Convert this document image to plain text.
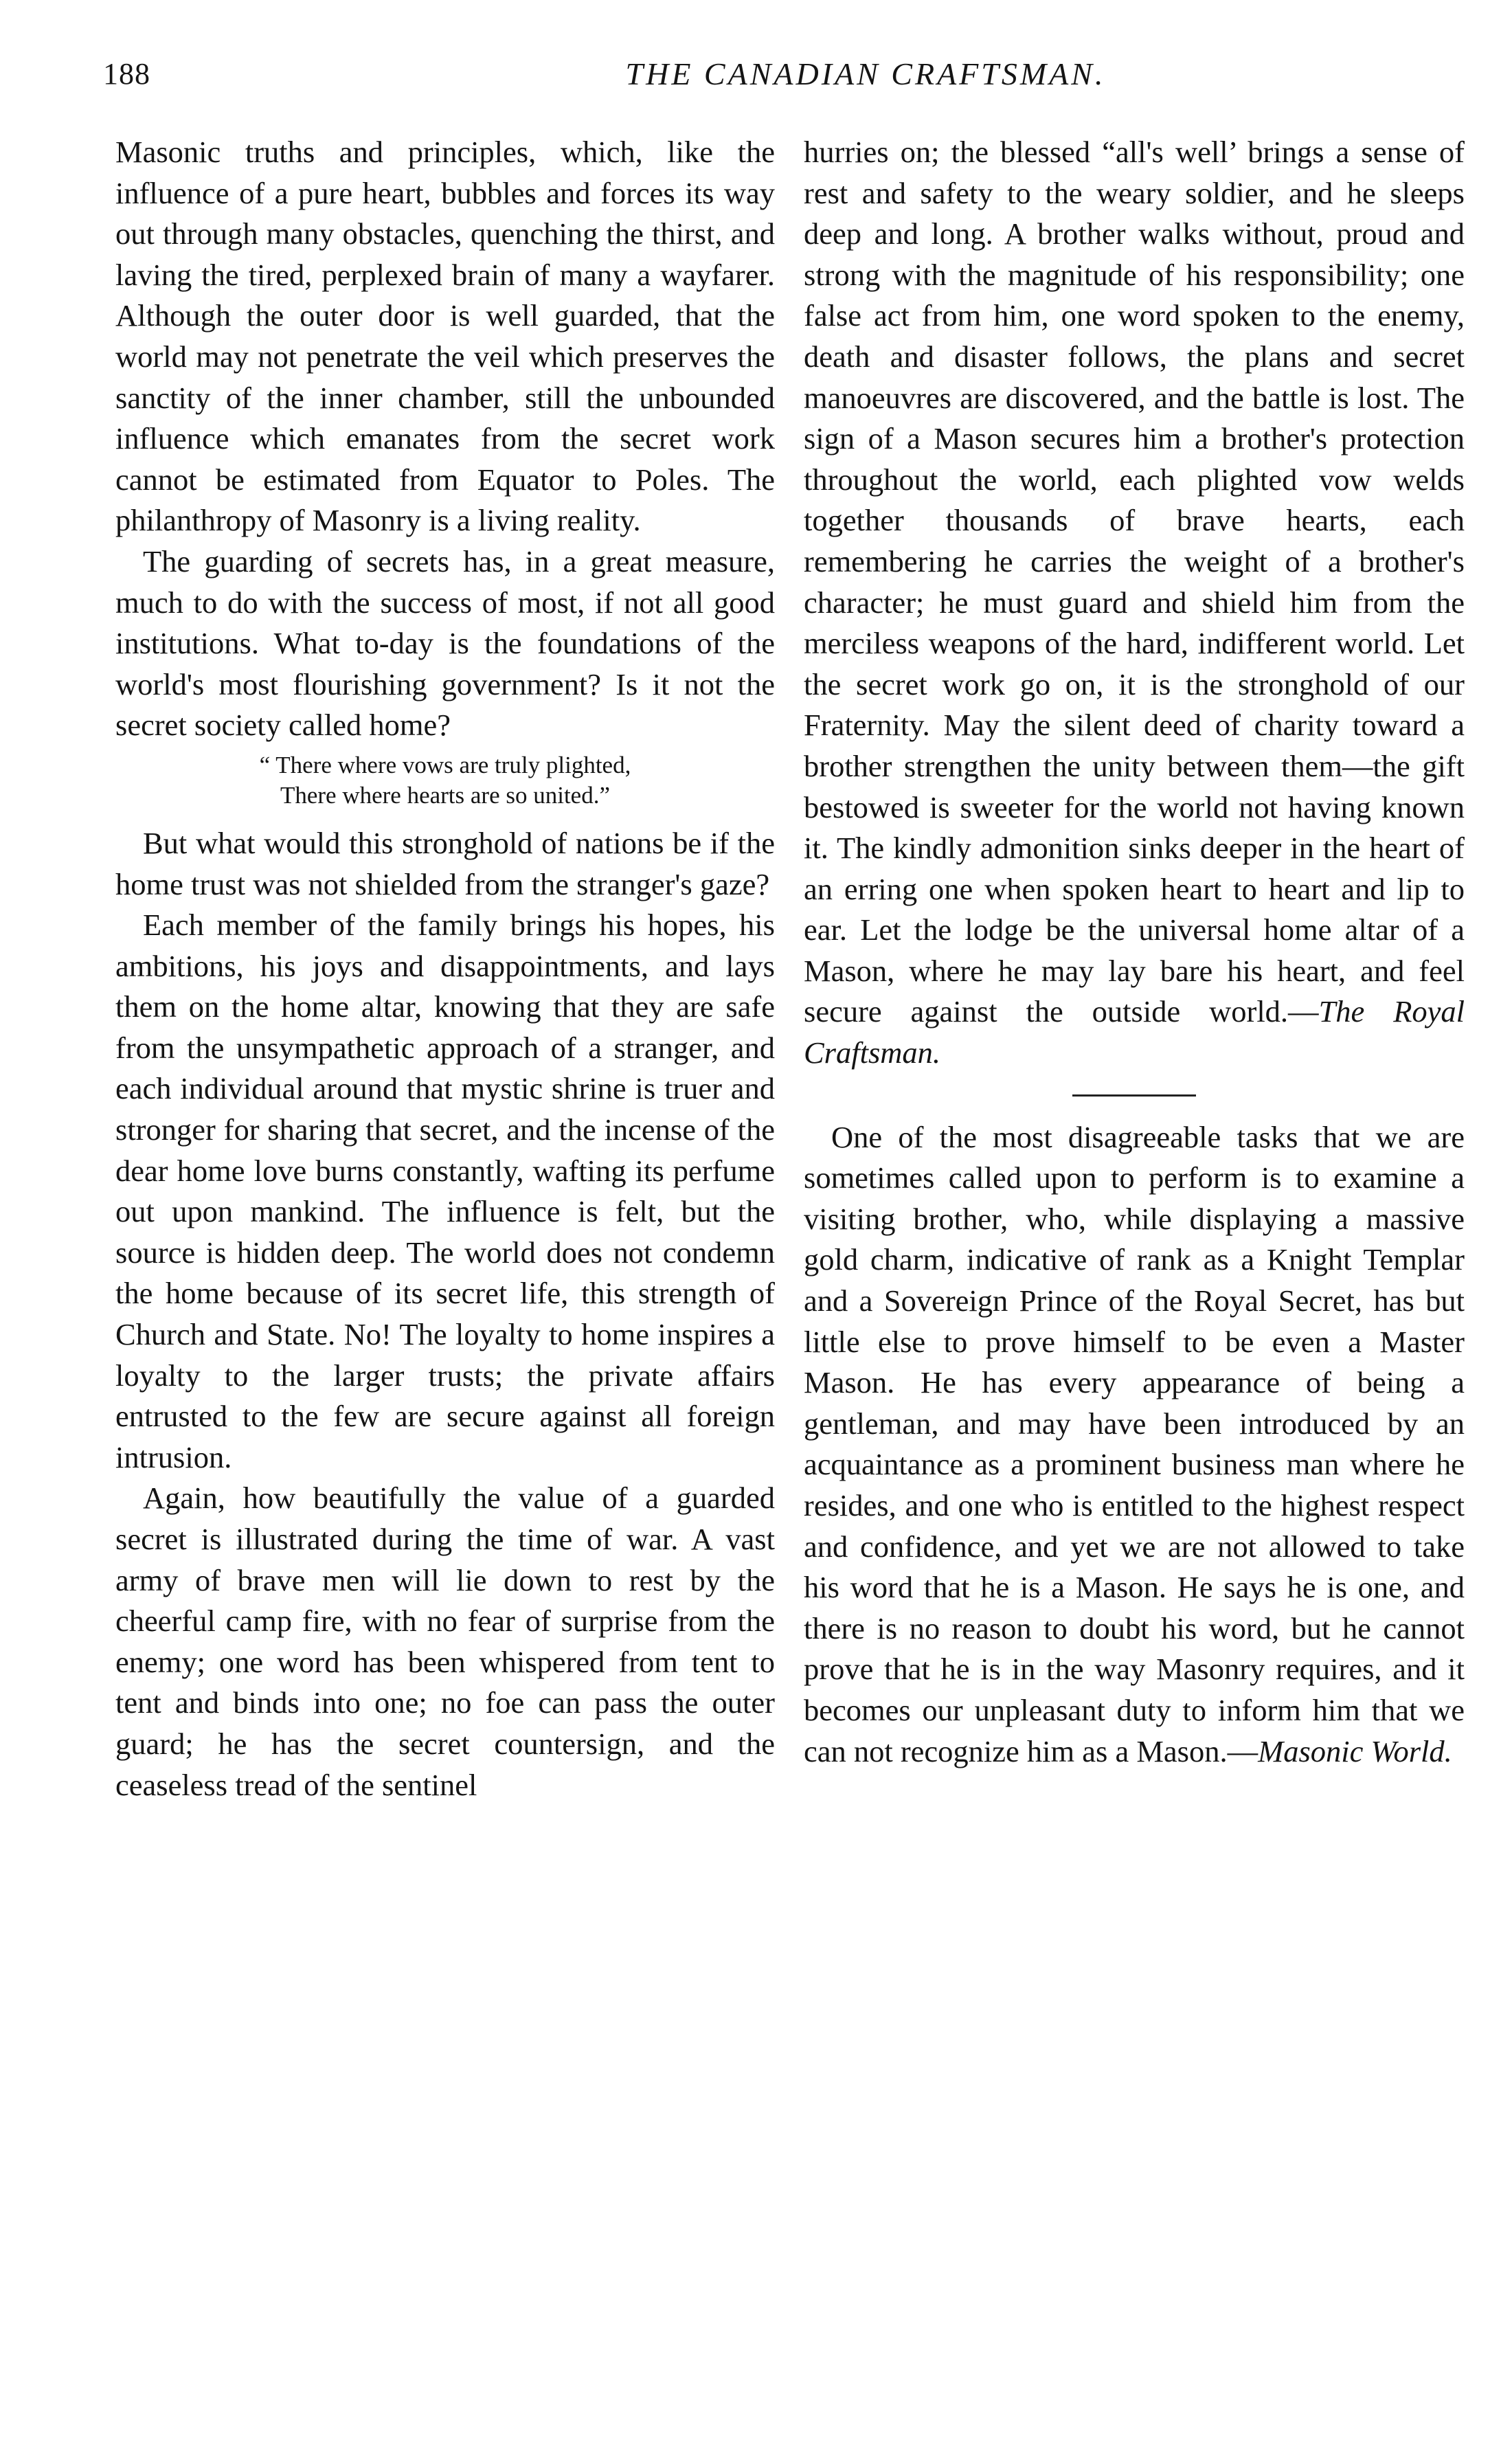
188	THE CANADIAN CRAFTSMAN.

Masonic truths and principles, which, like the influence of a pure heart, bubbles and forces its way out through many obstacles, quenching the thirst, and laving the tired, perplexed brain of many a wayfarer. Although the outer door is well guarded, that the world may not penetrate the veil which preserves the sanctity of the inner chamber, still the unbounded influence which emanates from the secret work cannot be estimated from Equator to Poles. The philanthropy of Masonry is a living reality.

The guarding of secrets has, in a great measure, much to do with the success of most, if not all good institutions. What to-day is the foundations of the world's most flourishing government? Is it not the secret society called home?

“ There where vows are truly plighted,
There where hearts are so united.”

But what would this stronghold of nations be if the home trust was not shielded from the stranger's gaze?

Each member of the family brings his hopes, his ambitions, his joys and disappointments, and lays them on the home altar, knowing that they are safe from the unsympathetic approach of a stranger, and each individual around that mystic shrine is truer and stronger for sharing that secret, and the incense of the dear home love burns constantly, wafting its perfume out upon mankind. The influence is felt, but the source is hidden deep. The world does not condemn the home because of its secret life, this strength of Church and State. No! The loyalty to home inspires a loyalty to the larger trusts; the private affairs entrusted to the few are secure against all foreign intrusion.

Again, how beautifully the value of a guarded secret is illustrated during the time of war. A vast army of brave men will lie down to rest by the cheerful camp fire, with no fear of surprise from the enemy; one word has been whispered from tent to tent and binds into one; no foe can pass the outer guard; he has the secret countersign, and the ceaseless tread of the sentinel

hurries on; the blessed “all's well’ brings a sense of rest and safety to the weary soldier, and he sleeps deep and long. A brother walks without, proud and strong with the magnitude of his responsibility; one false act from him, one word spoken to the enemy, death and disaster follows, the plans and secret manoeuvres are discovered, and the battle is lost. The sign of a Mason secures him a brother's protection throughout the world, each plighted vow welds together thousands of brave hearts, each remembering he carries the weight of a brother's character; he must guard and shield him from the merciless weapons of the hard, indifferent world. Let the secret work go on, it is the stronghold of our Fraternity. May the silent deed of charity toward a brother strengthen the unity between them—the gift bestowed is sweeter for the world not having known it. The kindly admonition sinks deeper in the heart of an erring one when spoken heart to heart and lip to ear. Let the lodge be the universal home altar of a Mason, where he may lay bare his heart, and feel secure against the outside world.—The Royal Craftsman.

One of the most disagreeable tasks that we are sometimes called upon to perform is to examine a visiting brother, who, while displaying a massive gold charm, indicative of rank as a Knight Templar and a Sovereign Prince of the Royal Secret, has but little else to prove himself to be even a Master Mason. He has every appearance of being a gentleman, and may have been introduced by an acquaintance as a prominent business man where he resides, and one who is entitled to the highest respect and confidence, and yet we are not allowed to take his word that he is a Mason. He says he is one, and there is no reason to doubt his word, but he cannot prove that he is in the way Masonry requires, and it becomes our unpleasant duty to inform him that we can not recognize him as a Mason.—Masonic World.
